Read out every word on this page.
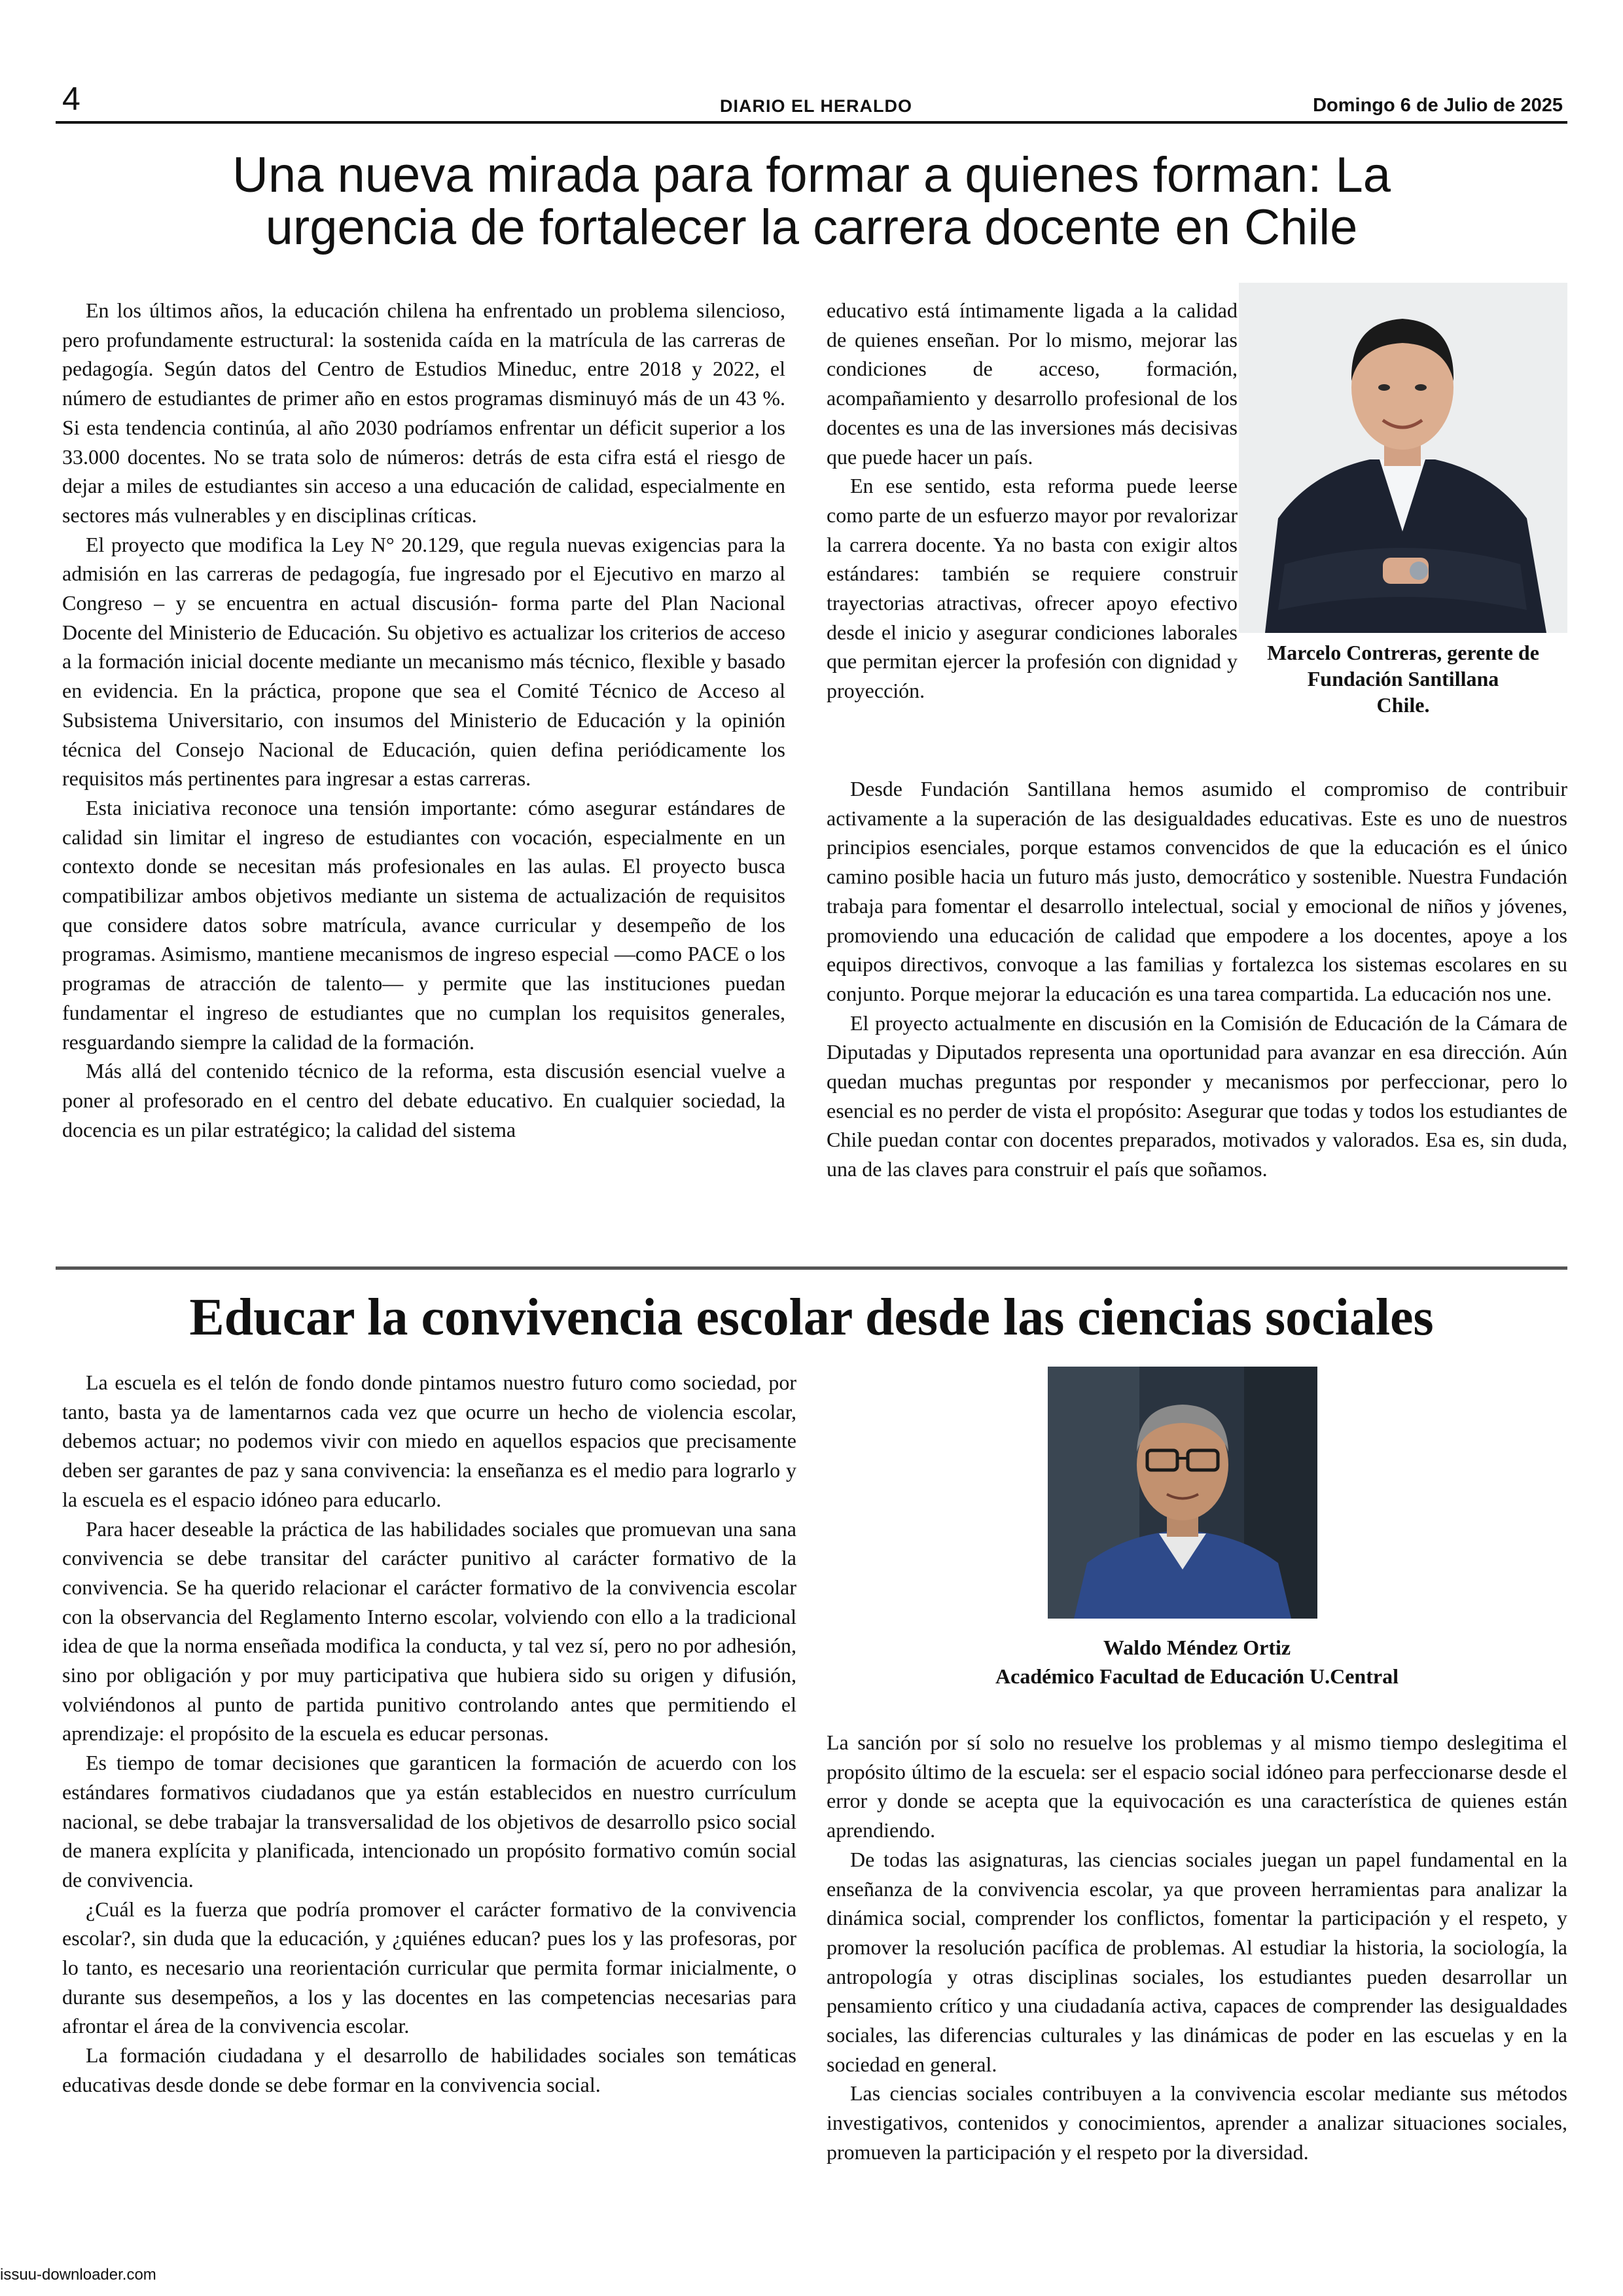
4	DIARIO EL HERALDO	Domingo 6 de Julio de 2025
Una nueva mirada para formar a quienes forman: La
urgencia de fortalecer la carrera docente en Chile

En los últimos años, la educación chilena ha enfrentado un problema silencioso, pero profundamente estructural: la sostenida caída en la matrícula de las carreras de pedagogía. Según datos del Centro de Estudios Mineduc, entre 2018 y 2022, el número de estudiantes de primer año en estos programas disminuyó más de un 43 %. Si esta tendencia continúa, al año 2030 podríamos enfrentar un déficit superior a los 33.000 docentes. No se trata solo de números: detrás de esta cifra está el riesgo de dejar a miles de estudiantes sin acceso a una educación de calidad, especialmente en sectores más vulnerables y en disciplinas críticas.

El proyecto que modifica la Ley N° 20.129, que regula nuevas exigencias para la admisión en las carreras de pedagogía, fue ingresado por el Ejecutivo en marzo al Congreso – y se encuentra en actual discusión- forma parte del Plan Nacional Docente del Ministerio de Educación. Su objetivo es actualizar los criterios de acceso a la formación inicial docente mediante un mecanismo más técnico, flexible y basado en evidencia. En la práctica, propone que sea el Comité Técnico de Acceso al Subsistema Universitario, con insumos del Ministerio de Educación y la opinión técnica del Consejo Nacional de Educación, quien defina periódicamente los requisitos más pertinentes para ingresar a estas carreras.

Esta iniciativa reconoce una tensión importante: cómo asegurar estándares de calidad sin limitar el ingreso de estudiantes con vocación, especialmente en un contexto donde se necesitan más profesionales en las aulas. El proyecto busca compatibilizar ambos objetivos mediante un sistema de actualización de requisitos que considere datos sobre matrícula, avance curricular y desempeño de los programas. Asimismo, mantiene mecanismos de ingreso especial —como PACE o los programas de atracción de talento— y permite que las instituciones puedan fundamentar el ingreso de estudiantes que no cumplan los requisitos generales, resguardando siempre la calidad de la formación.

Más allá del contenido técnico de la reforma, esta discusión esencial vuelve a poner al profesorado en el centro del debate educativo. En cualquier sociedad, la docencia es un pilar estratégico; la calidad del sistema

educativo está íntimamente ligada a la calidad de quienes enseñan. Por lo mismo, mejorar las condiciones de acceso, formación, acompañamiento y desarrollo profesional de los docentes es una de las inversiones más decisivas que puede hacer un país.

En ese sentido, esta reforma puede leerse como parte de un esfuerzo mayor por revalorizar la carrera docente. Ya no basta con exigir altos estándares: también se requiere construir trayectorias atractivas, ofrecer apoyo efectivo desde el inicio y asegurar condiciones laborales que permitan ejercer la profesión con dignidad y proyección.

Marcelo Contreras, gerente de Fundación Santillana
Chile.

Desde Fundación Santillana hemos asumido el compromiso de contribuir activamente a la superación de las desigualdades educativas. Este es uno de nuestros principios esenciales, porque estamos convencidos de que la educación es el único camino posible hacia un futuro más justo, democrático y sostenible. Nuestra Fundación trabaja para fomentar el desarrollo intelectual, social y emocional de niños y jóvenes, promoviendo una educación de calidad que empodere a los docentes, apoye a los equipos directivos, convoque a las familias y fortalezca los sistemas escolares en su conjunto. Porque mejorar la educación es una tarea compartida. La educación nos une.

El proyecto actualmente en discusión en la Comisión de Educación de la Cámara de Diputadas y Diputados representa una oportunidad para avanzar en esa dirección. Aún quedan muchas preguntas por responder y mecanismos por perfeccionar, pero lo esencial es no perder de vista el propósito: Asegurar que todas y todos los estudiantes de Chile puedan contar con docentes preparados, motivados y valorados. Esa es, sin duda, una de las claves para construir el país que soñamos.

Educar la convivencia escolar desde las ciencias sociales

La escuela es el telón de fondo donde pintamos nuestro futuro como sociedad, por tanto, basta ya de lamentarnos cada vez que ocurre un hecho de violencia escolar, debemos actuar; no podemos vivir con miedo en aquellos espacios que precisamente deben ser garantes de paz y sana convivencia: la enseñanza es el medio para lograrlo y la escuela es el espacio idóneo para educarlo.

Para hacer deseable la práctica de las habilidades sociales que promuevan una sana convivencia se debe transitar del carácter punitivo al carácter formativo de la convivencia. Se ha querido relacionar el carácter formativo de la convivencia escolar con la observancia del Reglamento Interno escolar, volviendo con ello a la tradicional idea de que la norma enseñada modifica la conducta, y tal vez sí, pero no por adhesión, sino por obligación y por muy participativa que hubiera sido su origen y difusión, volviéndonos al punto de partida punitivo controlando antes que permitiendo el aprendizaje: el propósito de la escuela es educar personas.

Es tiempo de tomar decisiones que garanticen la formación de acuerdo con los estándares formativos ciudadanos que ya están establecidos en nuestro currículum nacional, se debe trabajar la transversalidad de los objetivos de desarrollo psico social de manera explícita y planificada, intencionado un propósito formativo común social de convivencia.

¿Cuál es la fuerza que podría promover el carácter formativo de la convivencia escolar?, sin duda que la educación, y ¿quiénes educan? pues los y las profesoras, por lo tanto, es necesario una reorientación curricular que permita formar inicialmente, o durante sus desempeños, a los y las docentes en las competencias necesarias para afrontar el área de la convivencia escolar.

La formación ciudadana y el desarrollo de habilidades sociales son temáticas educativas desde donde se debe formar en la convivencia social.

Waldo Méndez Ortiz
Académico Facultad de Educación U.Central

La sanción por sí solo no resuelve los problemas y al mismo tiempo deslegitima el propósito último de la escuela: ser el espacio social idóneo para perfeccionarse desde el error y donde se acepta que la equivocación es una característica de quienes están aprendiendo.

De todas las asignaturas, las ciencias sociales juegan un papel fundamental en la enseñanza de la convivencia escolar, ya que proveen herramientas para analizar la dinámica social, comprender los conflictos, fomentar la participación y el respeto, y promover la resolución pacífica de problemas. Al estudiar la historia, la sociología, la antropología y otras disciplinas sociales, los estudiantes pueden desarrollar un pensamiento crítico y una ciudadanía activa, capaces de comprender las desigualdades sociales, las diferencias culturales y las dinámicas de poder en las escuelas y en la sociedad en general.

Las ciencias sociales contribuyen a la convivencia escolar mediante sus métodos investigativos, contenidos y conocimientos, aprender a analizar situaciones sociales, promueven la participación y el respeto por la diversidad.

issuu-downloader.com
